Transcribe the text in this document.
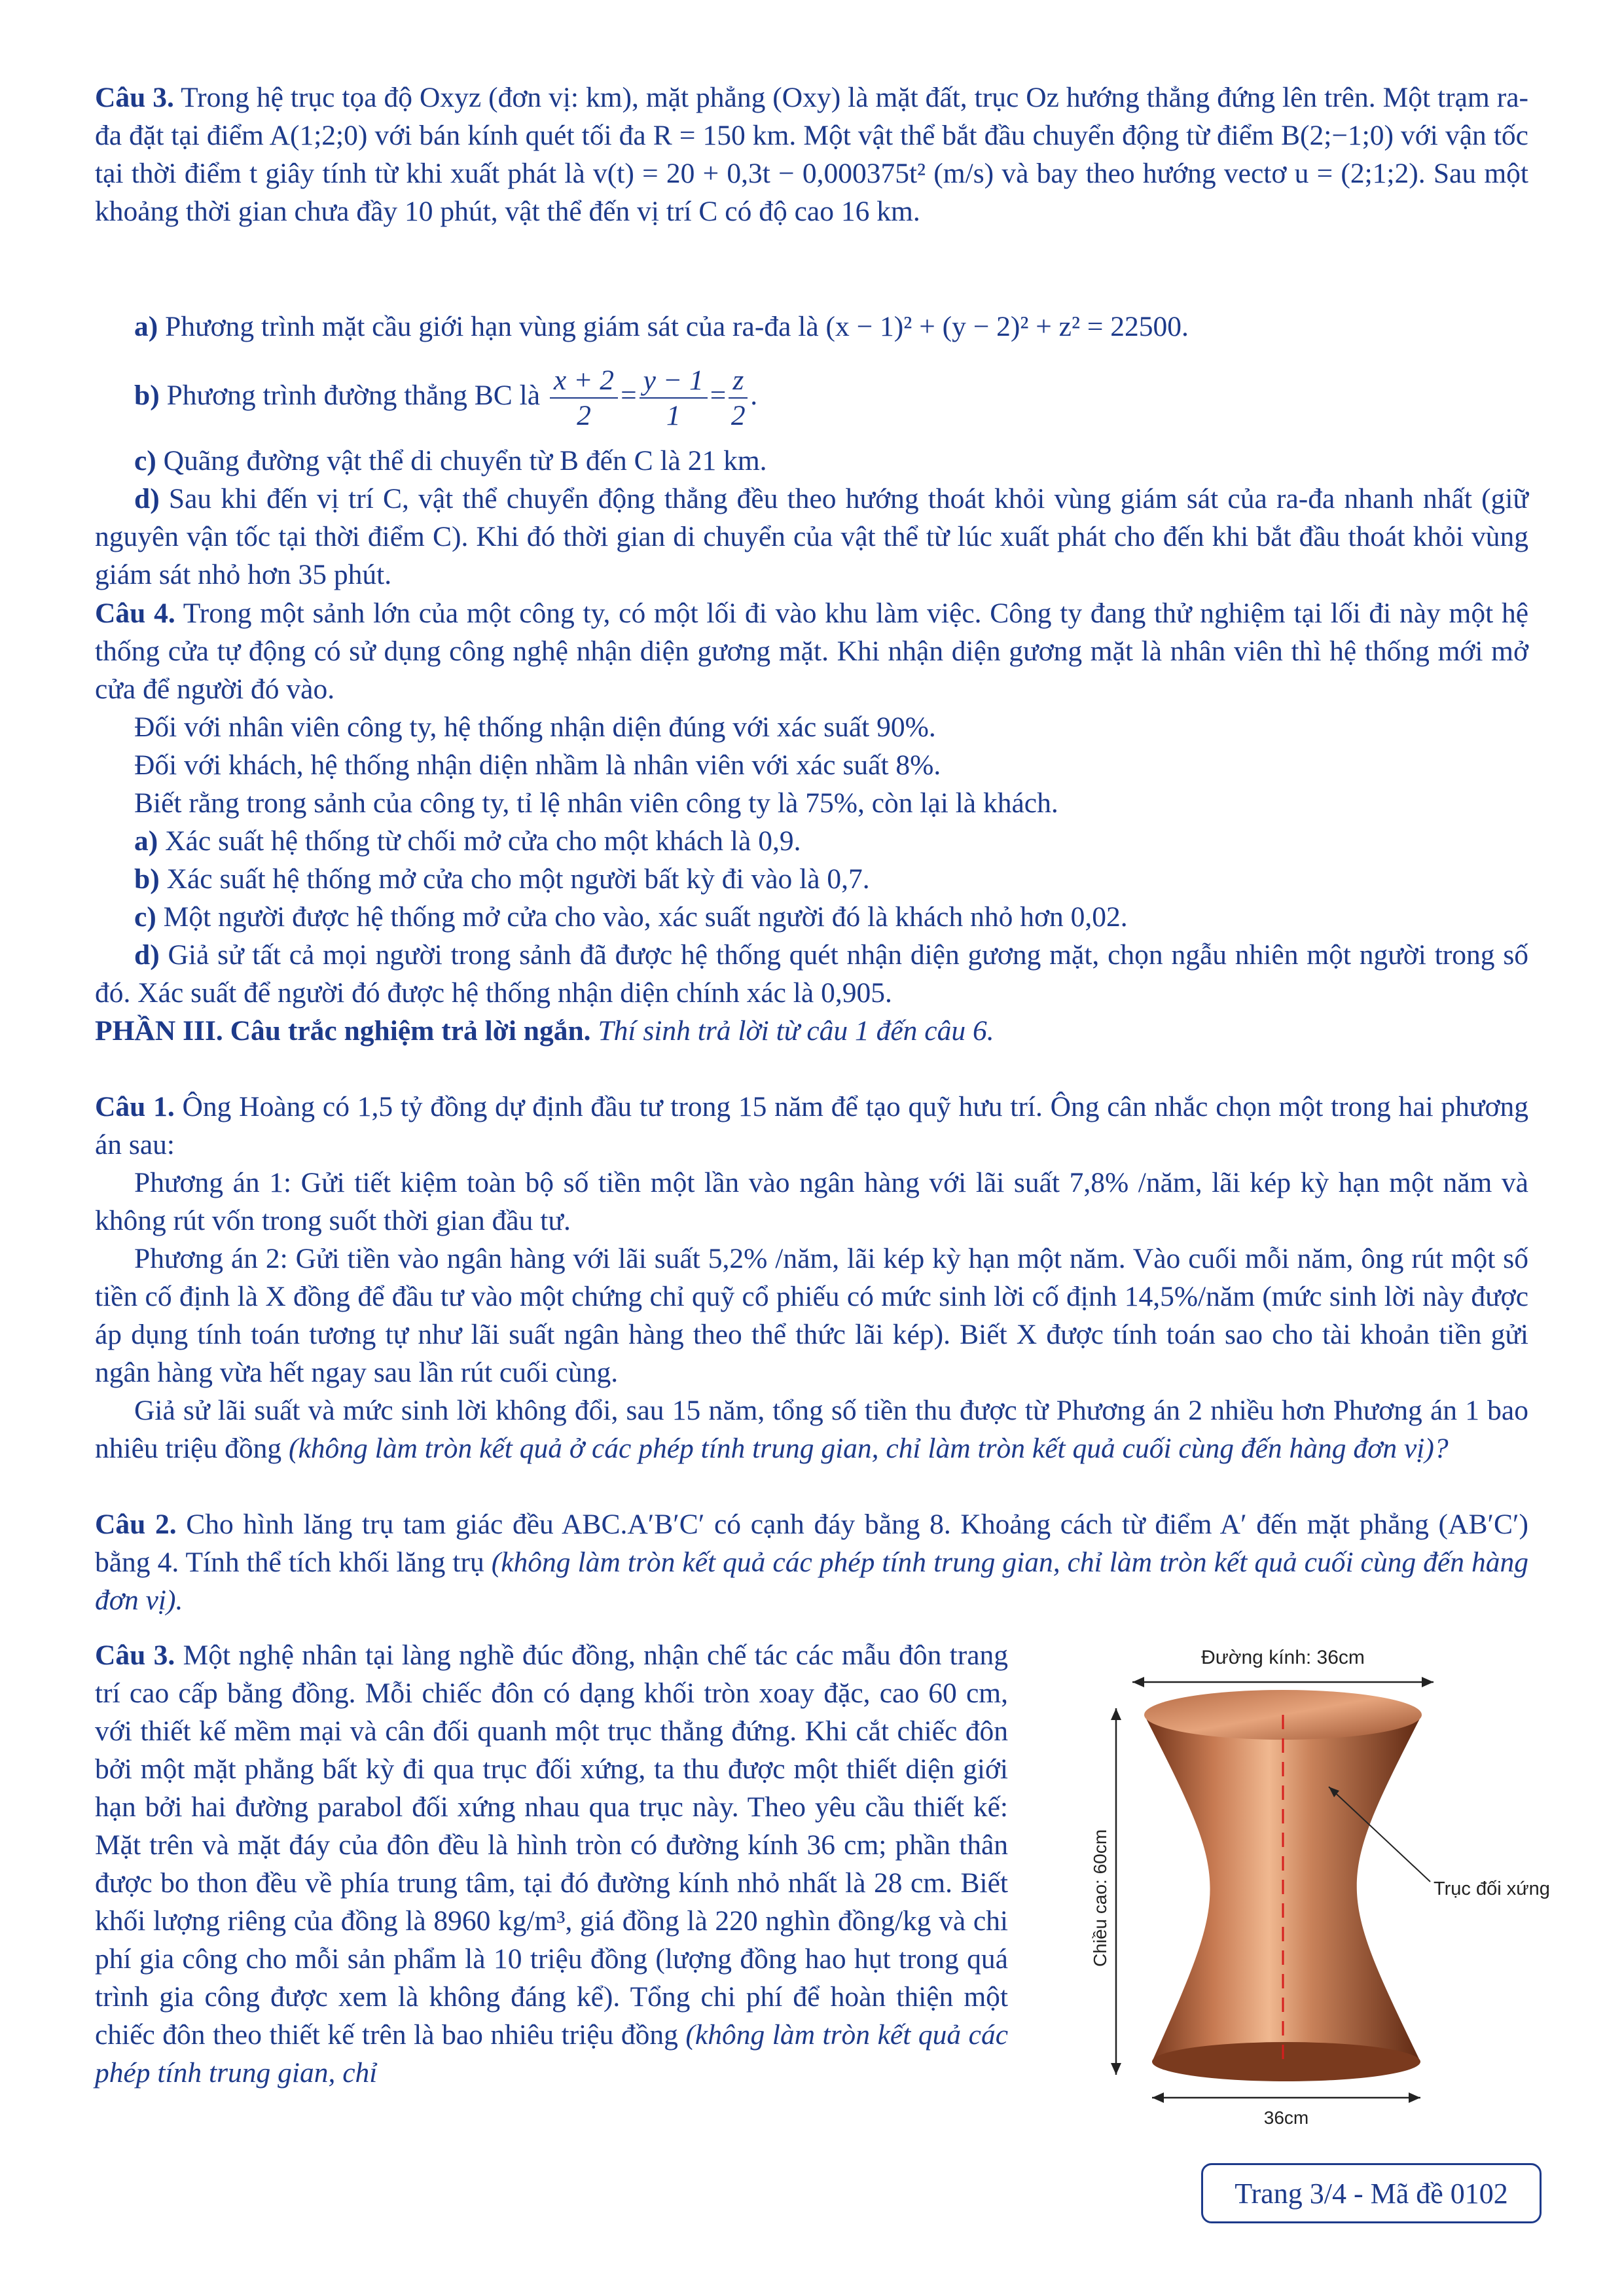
Câu 3. Trong hệ trục tọa độ Oxyz (đơn vị: km), mặt phẳng (Oxy) là mặt đất, trục Oz hướng thẳng đứng lên trên. Một trạm ra-đa đặt tại điểm A(1;2;0) với bán kính quét tối đa R = 150 km. Một vật thể bắt đầu chuyển động từ điểm B(2;−1;0) với vận tốc tại thời điểm t giây tính từ khi xuất phát là v(t) = 20 + 0,3t − 0,000375t² (m/s) và bay theo hướng vectơ u = (2;1;2). Sau một khoảng thời gian chưa đầy 10 phút, vật thể đến vị trí C có độ cao 16 km.

a) Phương trình mặt cầu giới hạn vùng giám sát của ra-đa là (x − 1)² + (y − 2)² + z² = 22500.

b) Phương trình đường thẳng BC là $\frac{x + 2}{2} = \frac{y - 1}{1} = \frac{z}{2}$ .

c) Quãng đường vật thể di chuyển từ B đến C là 21 km.

d) Sau khi đến vị trí C, vật thể chuyển động thẳng đều theo hướng thoát khỏi vùng giám sát của ra-đa nhanh nhất (giữ nguyên vận tốc tại thời điểm C). Khi đó thời gian di chuyển của vật thể từ lúc xuất phát cho đến khi bắt đầu thoát khỏi vùng giám sát nhỏ hơn 35 phút.

Câu 4. Trong một sảnh lớn của một công ty, có một lối đi vào khu làm việc. Công ty đang thử nghiệm tại lối đi này một hệ thống cửa tự động có sử dụng công nghệ nhận diện gương mặt. Khi nhận diện gương mặt là nhân viên thì hệ thống mới mở cửa để người đó vào.

Đối với nhân viên công ty, hệ thống nhận diện đúng với xác suất 90%.

Đối với khách, hệ thống nhận diện nhầm là nhân viên với xác suất 8%.

Biết rằng trong sảnh của công ty, tỉ lệ nhân viên công ty là 75%, còn lại là khách.

a) Xác suất hệ thống từ chối mở cửa cho một khách là 0,9.

b) Xác suất hệ thống mở cửa cho một người bất kỳ đi vào là 0,7.

c) Một người được hệ thống mở cửa cho vào, xác suất người đó là khách nhỏ hơn 0,02.

d) Giả sử tất cả mọi người trong sảnh đã được hệ thống quét nhận diện gương mặt, chọn ngẫu nhiên một người trong số đó. Xác suất để người đó được hệ thống nhận diện chính xác là 0,905.

PHẦN III. Câu trắc nghiệm trả lời ngắn. Thí sinh trả lời từ câu 1 đến câu 6.

Câu 1. Ông Hoàng có 1,5 tỷ đồng dự định đầu tư trong 15 năm để tạo quỹ hưu trí. Ông cân nhắc chọn một trong hai phương án sau:

Phương án 1: Gửi tiết kiệm toàn bộ số tiền một lần vào ngân hàng với lãi suất 7,8% /năm, lãi kép kỳ hạn một năm và không rút vốn trong suốt thời gian đầu tư.

Phương án 2: Gửi tiền vào ngân hàng với lãi suất 5,2% /năm, lãi kép kỳ hạn một năm. Vào cuối mỗi năm, ông rút một số tiền cố định là X đồng để đầu tư vào một chứng chỉ quỹ cổ phiếu có mức sinh lời cố định 14,5%/năm (mức sinh lời này được áp dụng tính toán tương tự như lãi suất ngân hàng theo thể thức lãi kép). Biết X được tính toán sao cho tài khoản tiền gửi ngân hàng vừa hết ngay sau lần rút cuối cùng.

Giả sử lãi suất và mức sinh lời không đổi, sau 15 năm, tổng số tiền thu được từ Phương án 2 nhiều hơn Phương án 1 bao nhiêu triệu đồng (không làm tròn kết quả ở các phép tính trung gian, chỉ làm tròn kết quả cuối cùng đến hàng đơn vị)?

Câu 2. Cho hình lăng trụ tam giác đều ABC.A′B′C′ có cạnh đáy bằng 8. Khoảng cách từ điểm A′ đến mặt phẳng (AB′C′) bằng 4. Tính thể tích khối lăng trụ (không làm tròn kết quả các phép tính trung gian, chỉ làm tròn kết quả cuối cùng đến hàng đơn vị).

Câu 3. Một nghệ nhân tại làng nghề đúc đồng, nhận chế tác các mẫu đôn trang trí cao cấp bằng đồng. Mỗi chiếc đôn có dạng khối tròn xoay đặc, cao 60 cm, với thiết kế mềm mại và cân đối quanh một trục thẳng đứng. Khi cắt chiếc đôn bởi một mặt phẳng bất kỳ đi qua trục đối xứng, ta thu được một thiết diện giới hạn bởi hai đường parabol đối xứng nhau qua trục này. Theo yêu cầu thiết kế: Mặt trên và mặt đáy của đôn đều là hình tròn có đường kính 36 cm; phần thân được bo thon đều về phía trung tâm, tại đó đường kính nhỏ nhất là 28 cm. Biết khối lượng riêng của đồng là 8960 kg/m³, giá đồng là 220 nghìn đồng/kg và chi phí gia công cho mỗi sản phẩm là 10 triệu đồng (lượng đồng hao hụt trong quá trình gia công được xem là không đáng kể). Tổng chi phí để hoàn thiện một chiếc đôn theo thiết kế trên là bao nhiêu triệu đồng (không làm tròn kết quả các phép tính trung gian, chỉ

Đường kính: 36cm
Trục đối xứng
Chiều cao: 60cm
36cm
Trang 3/4 - Mã đề 0102
